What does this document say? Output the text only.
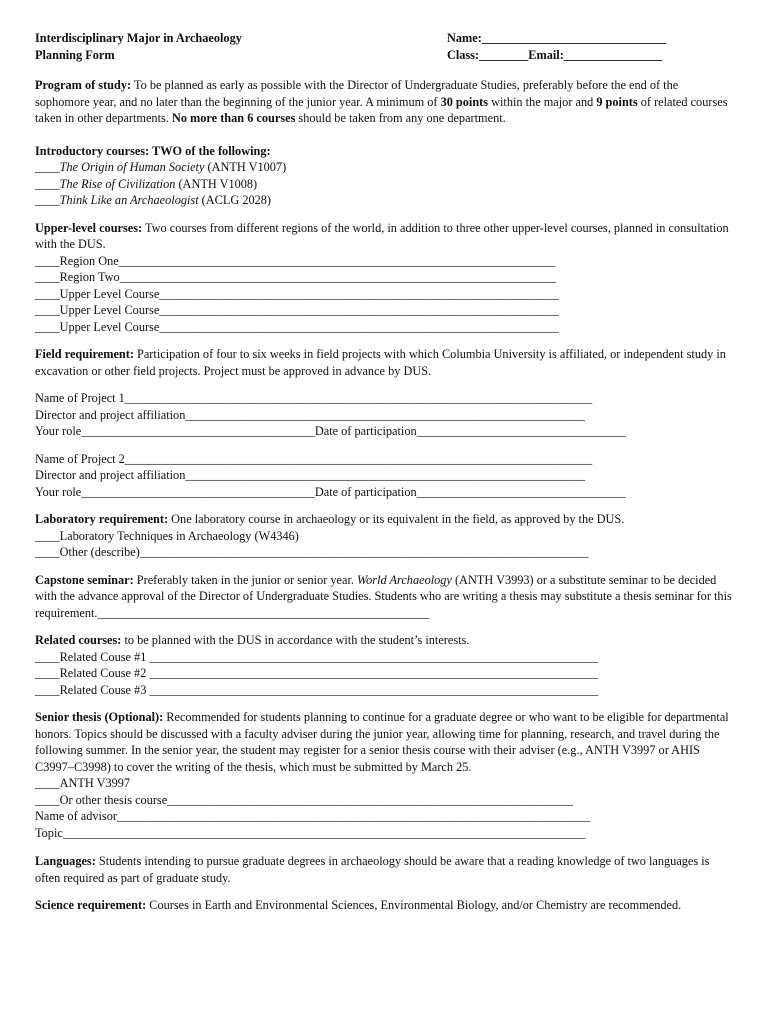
Interdisciplinary Major in Archaeology
Planning Form
Name:______________________________
Class:________Email:________________
Program of study: To be planned as early as possible with the Director of Undergraduate Studies, preferably before the end of the sophomore year, and no later than the beginning of the junior year. A minimum of 30 points within the major and 9 points of related courses taken in other departments. No more than 6 courses should be taken from any one department.
Introductory courses: TWO of the following:
____The Origin of Human Society (ANTH V1007)
____The Rise of Civilization (ANTH V1008)
____Think Like an Archaeologist (ACLG 2028)
Upper-level courses: Two courses from different regions of the world, in addition to three other upper-level courses, planned in consultation with the DUS.
____Region One_______________________________________________________________________
____Region Two_______________________________________________________________________
____Upper Level Course_________________________________________________________________
____Upper Level Course_________________________________________________________________
____Upper Level Course_________________________________________________________________
Field requirement: Participation of four to six weeks in field projects with which Columbia University is affiliated, or independent study in excavation or other field projects. Project must be approved in advance by DUS.
Name of Project 1____________________________________________________________________________
Director and project affiliation_________________________________________________________________
Your role______________________________________Date of participation__________________________________
Name of Project 2____________________________________________________________________________
Director and project affiliation_________________________________________________________________
Your role______________________________________Date of participation__________________________________
Laboratory requirement: One laboratory course in archaeology or its equivalent in the field, as approved by the DUS.
____Laboratory Techniques in Archaeology (W4346)
____Other (describe)_________________________________________________________________________
Capstone seminar: Preferably taken in the junior or senior year. World Archaeology (ANTH V3993) or a substitute seminar to be decided with the advance approval of the Director of Undergraduate Studies. Students who are writing a thesis may substitute a thesis seminar for this requirement.______________________________________________________
Related courses: to be planned with the DUS in accordance with the student’s interests.
____Related Couse #1 _________________________________________________________________________
____Related Couse #2 _________________________________________________________________________
____Related Couse #3 _________________________________________________________________________
Senior thesis (Optional): Recommended for students planning to continue for a graduate degree or who want to be eligible for departmental honors. Topics should be discussed with a faculty adviser during the junior year, allowing time for planning, research, and travel during the following summer. In the senior year, the student may register for a senior thesis course with their adviser (e.g., ANTH V3997 or AHIS C3997–C3998) to cover the writing of the thesis, which must be submitted by March 25.
____ANTH V3997
____Or other thesis course__________________________________________________________________
Name of advisor_____________________________________________________________________________
Topic_____________________________________________________________________________________
Languages: Students intending to pursue graduate degrees in archaeology should be aware that a reading knowledge of two languages is often required as part of graduate study.
Science requirement: Courses in Earth and Environmental Sciences, Environmental Biology, and/or Chemistry are recommended.
